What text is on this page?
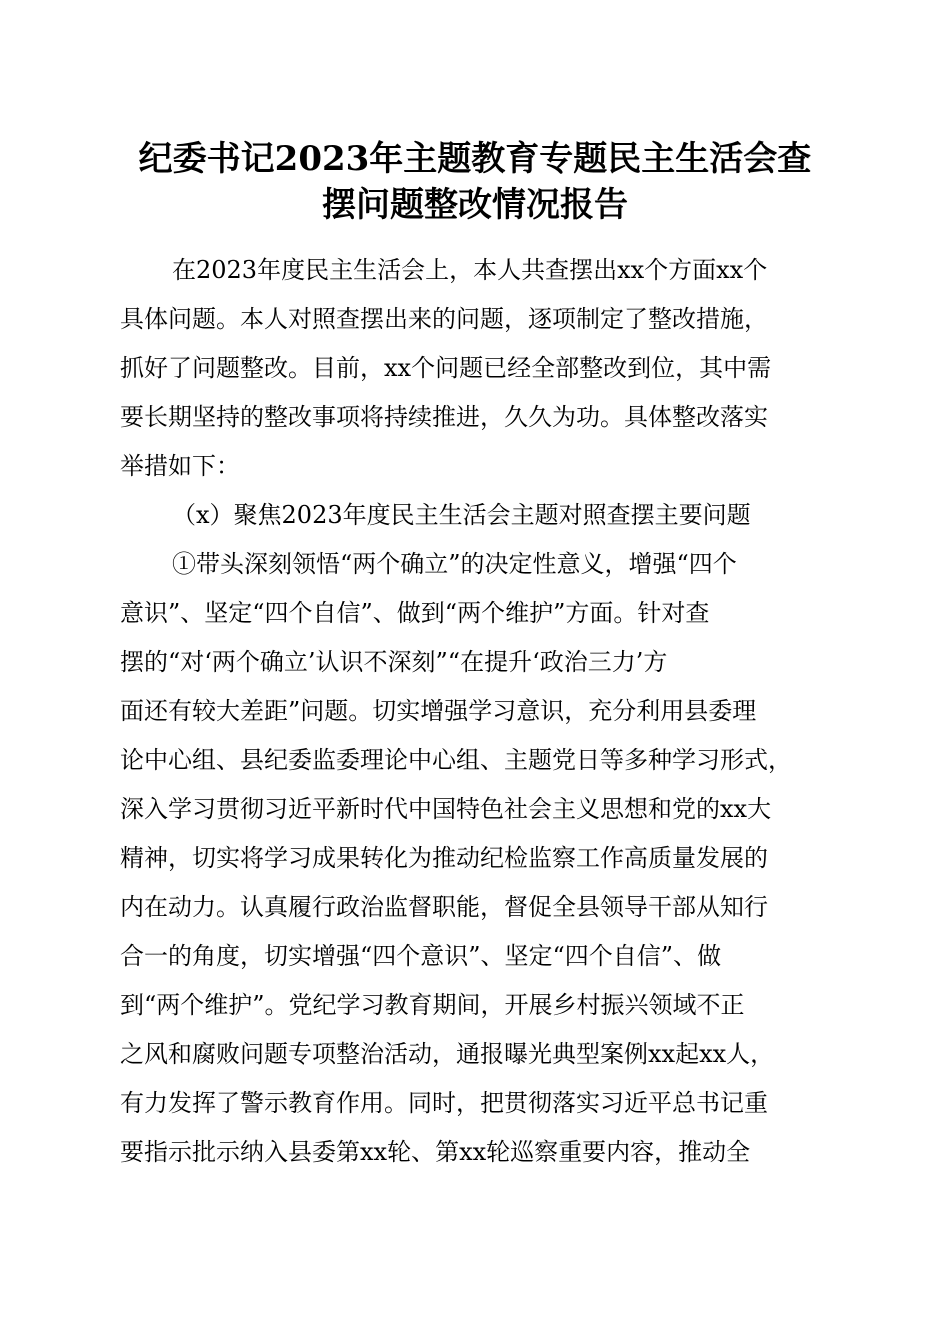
纪委书记2023年主题教育专题民主生活会查
摆问题整改情况报告
在2023年度民主生活会上，本人共查摆出xx个方面xx个
具体问题。本人对照查摆出来的问题，逐项制定了整改措施，
抓好了问题整改。目前，xx个问题已经全部整改到位，其中需
要长期坚持的整改事项将持续推进，久久为功。具体整改落实
举措如下：
（x）聚焦2023年度民主生活会主题对照查摆主要问题
①带头深刻领悟“两个确立”的决定性意义，增强“四个
意识”、坚定“四个自信”、做到“两个维护”方面。针对查
摆的“对‘两个确立’认识不深刻”“在提升‘政治三力’方
面还有较大差距”问题。切实增强学习意识，充分利用县委理
论中心组、县纪委监委理论中心组、主题党日等多种学习形式，
深入学习贯彻习近平新时代中国特色社会主义思想和党的xx大
精神，切实将学习成果转化为推动纪检监察工作高质量发展的
内在动力。认真履行政治监督职能，督促全县领导干部从知行
合一的角度，切实增强“四个意识”、坚定“四个自信”、做
到“两个维护”。党纪学习教育期间，开展乡村振兴领域不正
之风和腐败问题专项整治活动，通报曝光典型案例xx起xx人，
有力发挥了警示教育作用。同时，把贯彻落实习近平总书记重
要指示批示纳入县委第xx轮、第xx轮巡察重要内容，推动全
